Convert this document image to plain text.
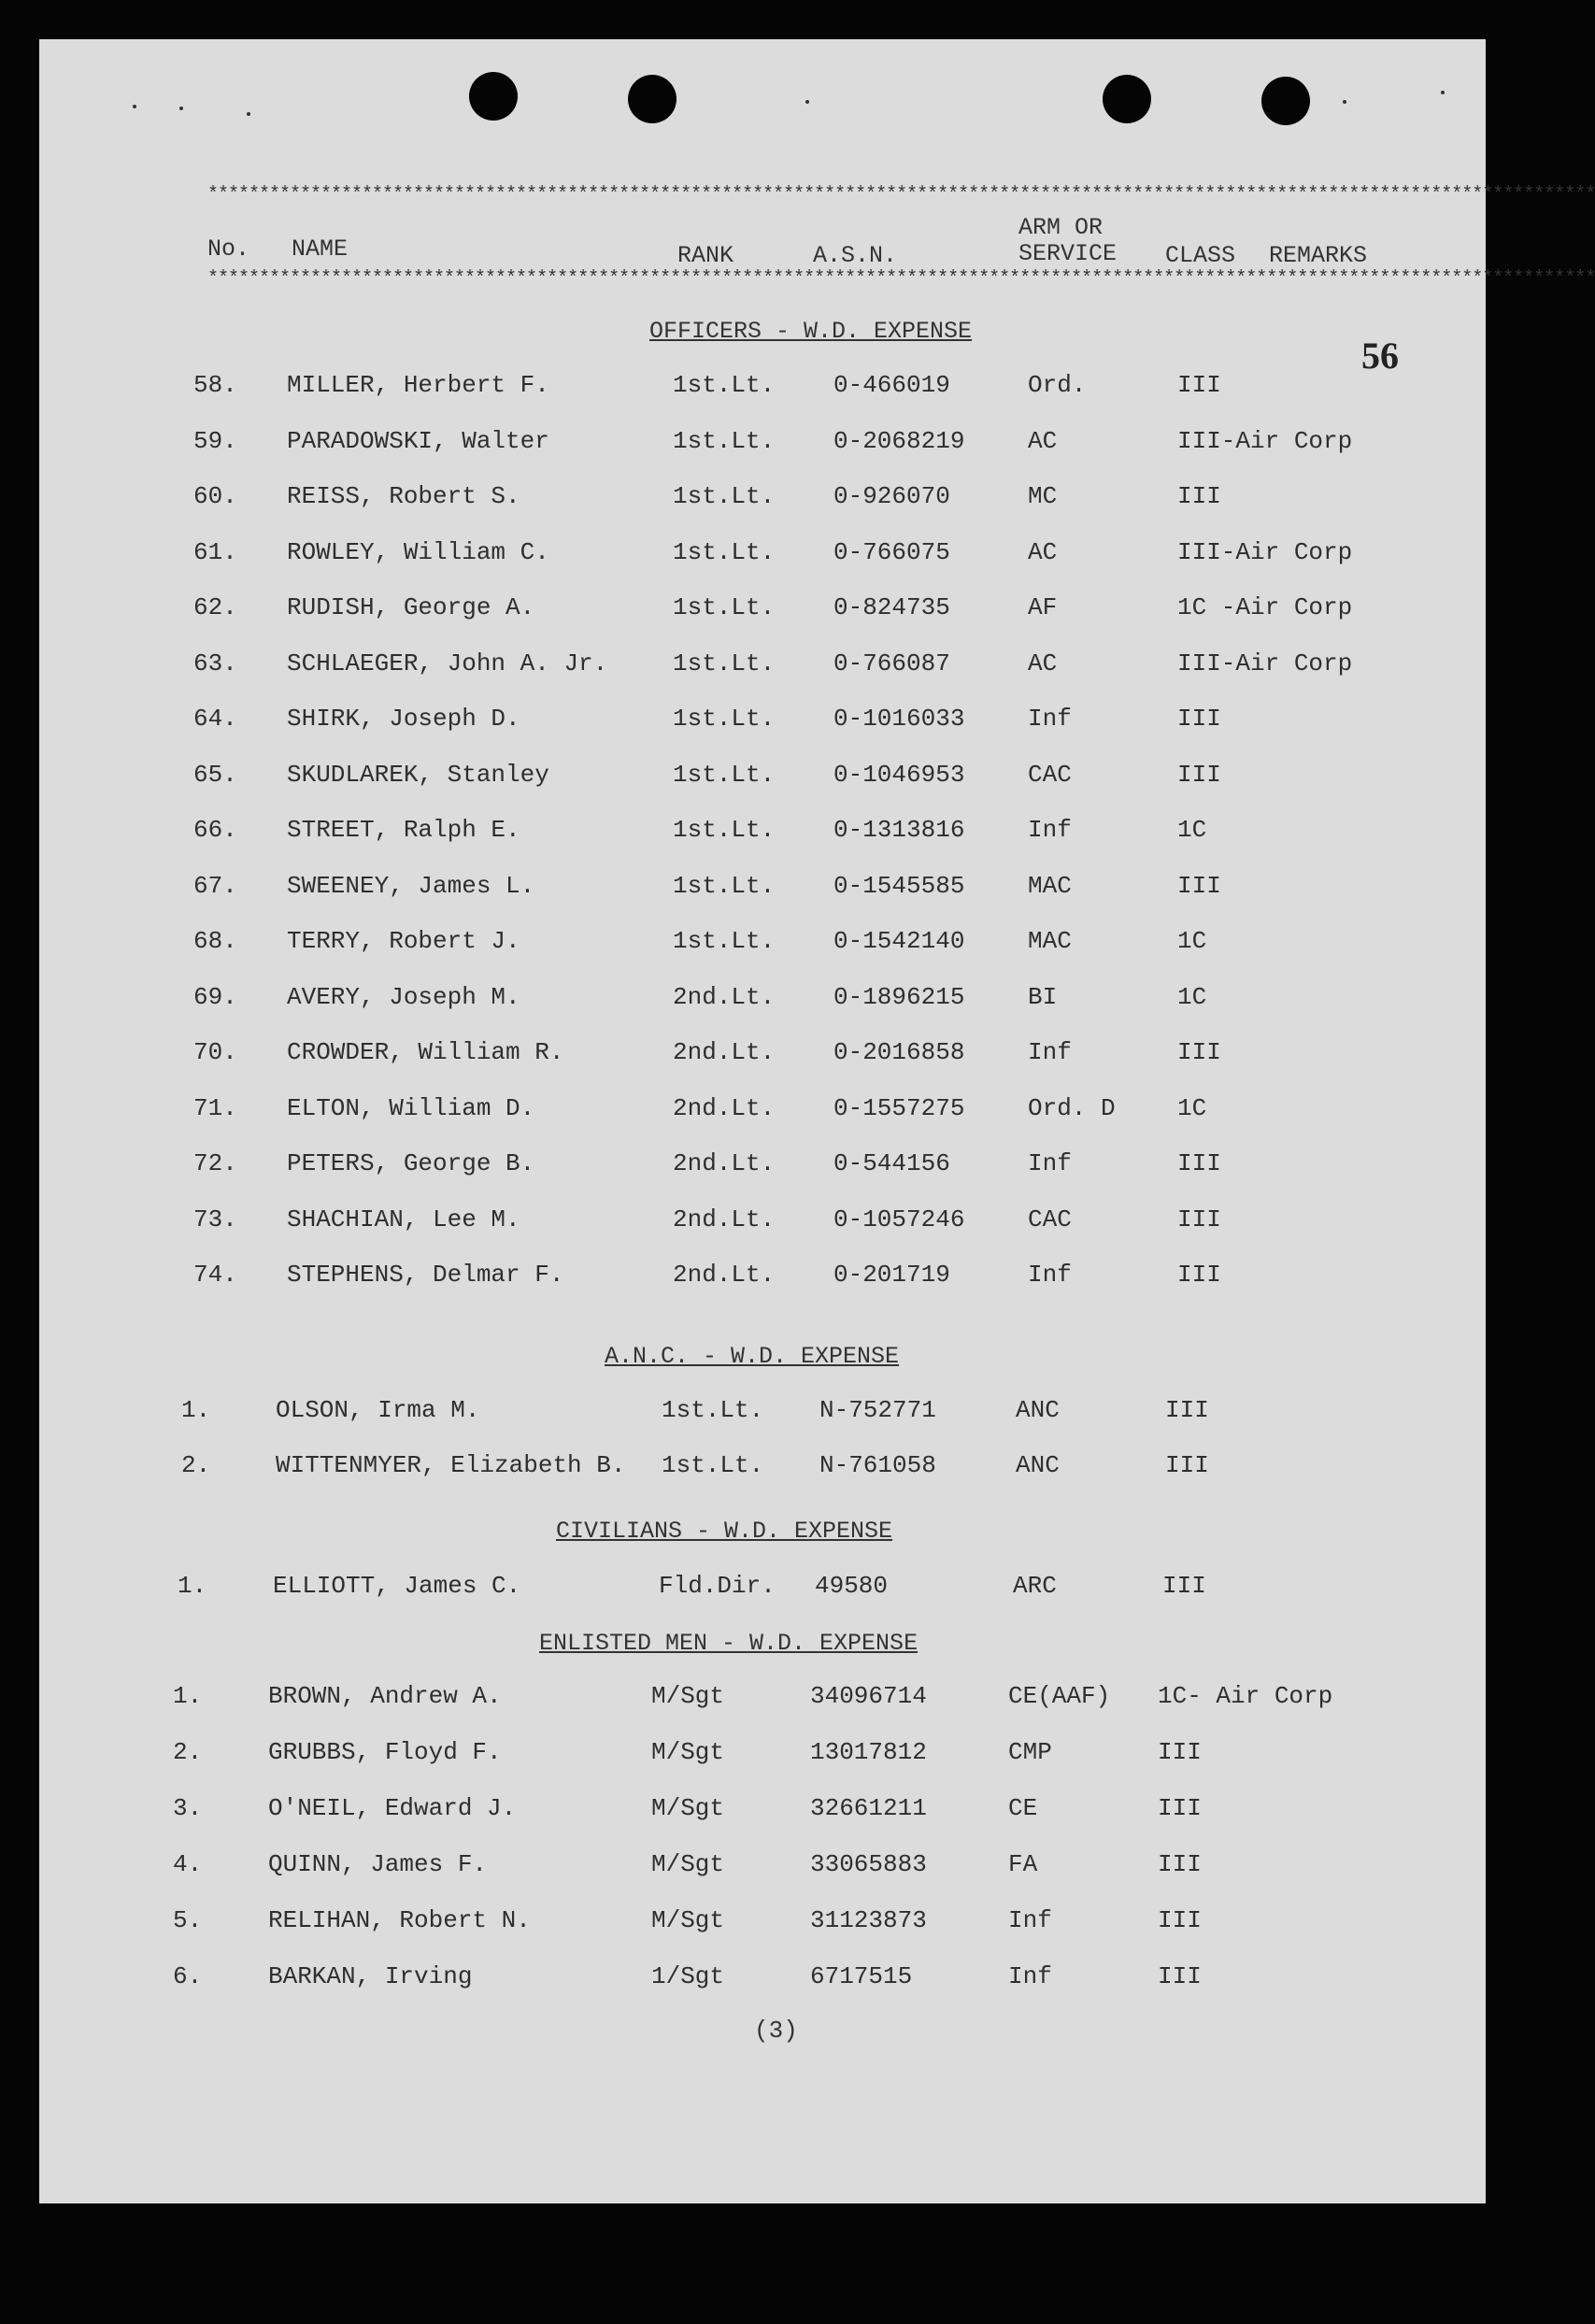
***************************************************************************************************************************************
No. NAME	RANK	A.S.N.
ARM OR
SERVICE CLASS REMARKS
***************************************************************************************************************************************
56
OFFICERS - W.D. EXPENSE
A.N.C. - W.D. EXPENSE
CIVILIANS - W.D. EXPENSE
ENLISTED MEN - W.D. EXPENSE
58. MILLER, Herbert F.	1st.Lt. 0-466019	Ord.	III
59. PARADOWSKI, Walter	1st.Lt. 0-2068219	AC	III-Air Corp
60. REISS, Robert S.	1st.Lt. 0-926070	MC	III
61. ROWLEY, William C.	1st.Lt. 0-766075	AC	III-Air Corp
62. RUDISH, George A.	1st.Lt. 0-824735	AF	1C -Air Corp
63. SCHLAEGER, John A. Jr.	1st.Lt. 0-766087	AC	III-Air Corp
64. SHIRK, Joseph D.	1st.Lt. 0-1016033	Inf	III
65. SKUDLAREK, Stanley	1st.Lt. 0-1046953	CAC	III
66. STREET, Ralph E.	1st.Lt. 0-1313816	Inf	1C
67. SWEENEY, James L.	1st.Lt. 0-1545585	MAC	III
68. TERRY, Robert J.	1st.Lt. 0-1542140	MAC	1C
69. AVERY, Joseph M.	2nd.Lt. 0-1896215	BI	1C
70. CROWDER, William R.	2nd.Lt. 0-2016858	Inf	III
71. ELTON, William D.	2nd.Lt. 0-1557275	Ord. D	1C
72. PETERS, George B.	2nd.Lt. 0-544156	Inf	III
73. SHACHIAN, Lee M.	2nd.Lt. 0-1057246	CAC	III
74. STEPHENS, Delmar F.	2nd.Lt. 0-201719	Inf	III
1.	OLSON, Irma M.	1st.Lt. N-752771	ANC	III
2.	WITTENMYER, Elizabeth B. 1st.Lt. N-761058	ANC	III
1.	ELLIOTT, James C.	Fld.Dir. 49580	ARC	III
1.	BROWN, Andrew A.	M/Sgt	34096714	CE(AAF) 1C- Air Corp
2.	GRUBBS, Floyd F.	M/Sgt	13017812	CMP	III
3.	O'NEIL, Edward J.	M/Sgt	32661211	CE	III
4.	QUINN, James F.	M/Sgt	33065883	FA	III
5.	RELIHAN, Robert N.	M/Sgt	31123873	Inf	III
6.	BARKAN, Irving	1/Sgt	6717515	Inf	III
(3)
